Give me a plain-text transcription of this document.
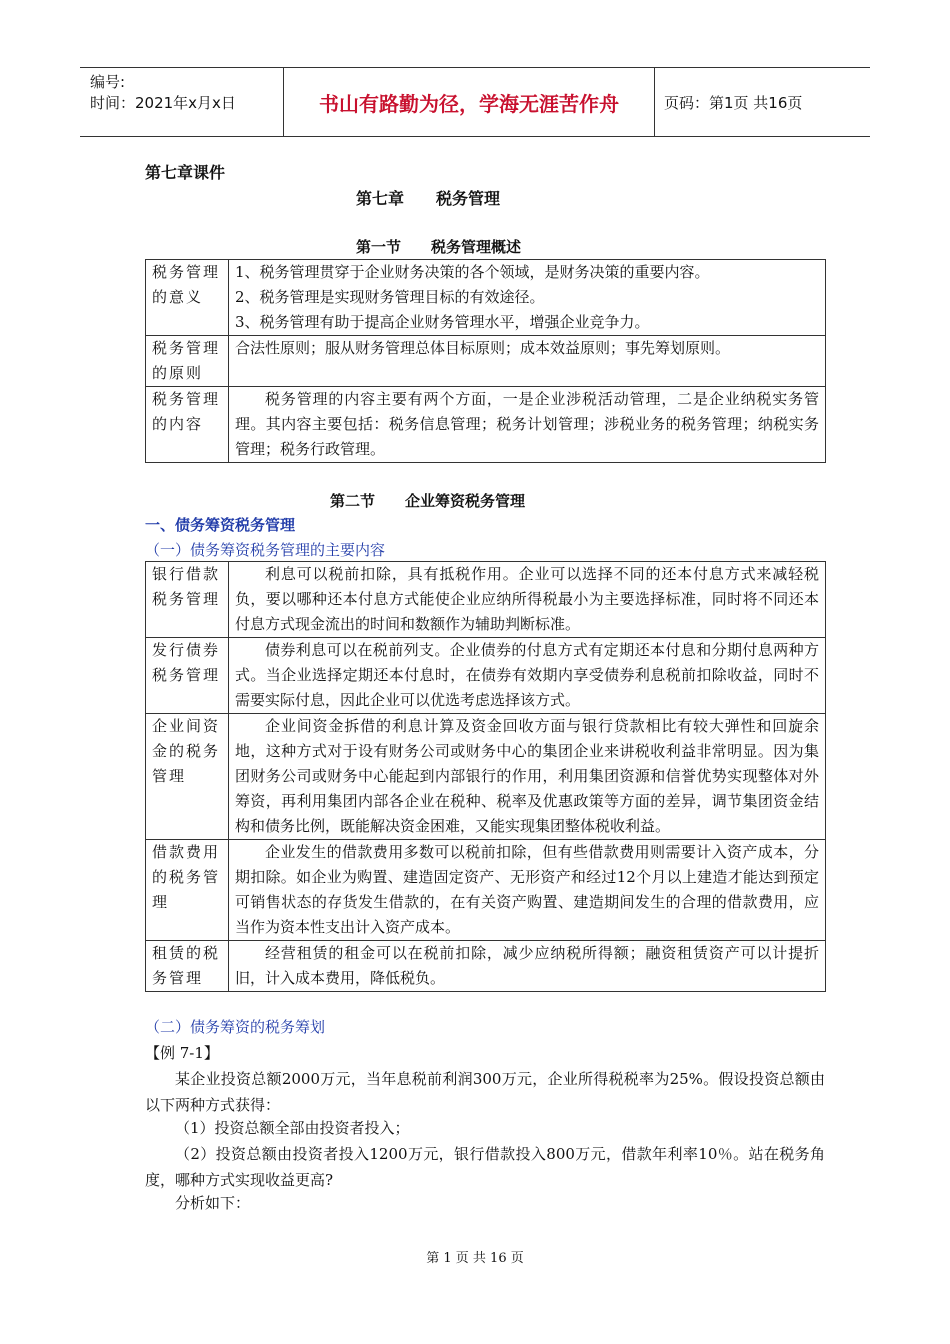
编号:
时间：2021年x月x日	书山有路勤为径，学海无涯苦作舟	页码：第1页 共16页
第七章课件
第七章　　税务管理
第一节　　税务管理概述
税务管理的意义	1、税务管理贯穿于企业财务决策的各个领域，是财务决策的重要内容。
2、税务管理是实现财务管理目标的有效途径。
3、税务管理有助于提高企业财务管理水平，增强企业竞争力。

税务管理的原则	合法性原则；服从财务管理总体目标原则；成本效益原则；事先筹划原则。
税务管理的内容	税务管理的内容主要有两个方面，一是企业涉税活动管理，二是企业纳税实务管理。其内容主要包括：税务信息管理；税务计划管理；涉税业务的税务管理；纳税实务管理；税务行政管理。
第二节　　企业筹资税务管理
一、债务筹资税务管理
（一）债务筹资税务管理的主要内容
银行借款税务管理	利息可以税前扣除，具有抵税作用。企业可以选择不同的还本付息方式来减轻税负，要以哪种还本付息方式能使企业应纳所得税最小为主要选择标准，同时将不同还本付息方式现金流出的时间和数额作为辅助判断标准。
发行债券税务管理	债券利息可以在税前列支。企业债券的付息方式有定期还本付息和分期付息两种方式。当企业选择定期还本付息时，在债券有效期内享受债券利息税前扣除收益，同时不需要实际付息，因此企业可以优选考虑选择该方式。
企业间资金的税务管理	企业间资金拆借的利息计算及资金回收方面与银行贷款相比有较大弹性和回旋余地，这种方式对于设有财务公司或财务中心的集团企业来讲税收利益非常明显。因为集团财务公司或财务中心能起到内部银行的作用，利用集团资源和信誉优势实现整体对外筹资，再利用集团内部各企业在税种、税率及优惠政策等方面的差异，调节集团资金结构和债务比例，既能解决资金困难，又能实现集团整体税收利益。
借款费用的税务管理	企业发生的借款费用多数可以税前扣除，但有些借款费用则需要计入资产成本，分期扣除。如企业为购置、建造固定资产、无形资产和经过12个月以上建造才能达到预定可销售状态的存货发生借款的，在有关资产购置、建造期间发生的合理的借款费用，应当作为资本性支出计入资产成本。
租赁的税务管理	经营租赁的租金可以在税前扣除，减少应纳税所得额；融资租赁资产可以计提折旧，计入成本费用，降低税负。
（二）债务筹资的税务筹划
【例 7-1】
某企业投资总额2000万元，当年息税前利润300万元，企业所得税税率为25%。假设投资总额由以下两种方式获得：
（1）投资总额全部由投资者投入；
（2）投资总额由投资者投入1200万元，银行借款投入800万元，借款年利率10％。站在税务角度，哪种方式实现收益更高?
分析如下：
第 1 页 共 16 页
